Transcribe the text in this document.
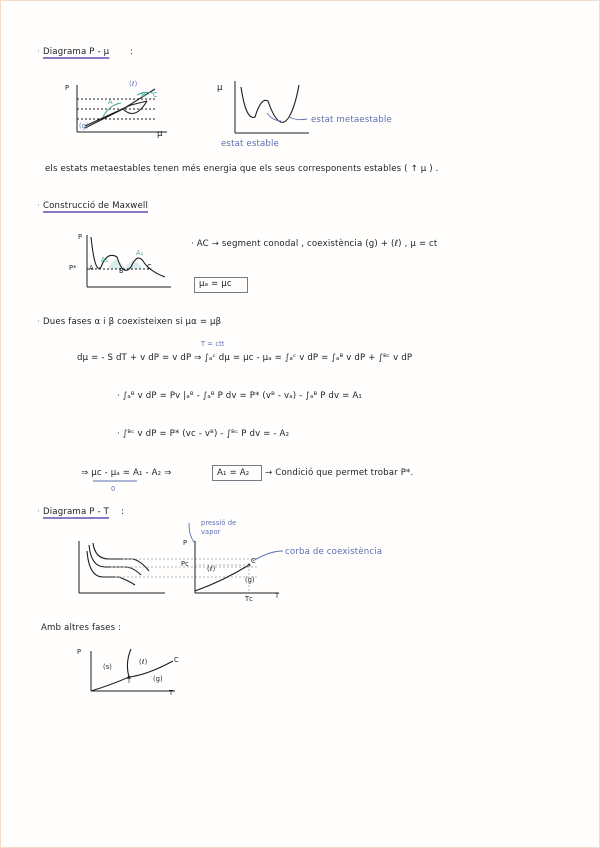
· Diagrama P - μ :
P	(ℓ)
(g)
A
B C
μ
μ
estat metaestable
estat estable
els estats metaestables tenen més energia que els seus corresponents estables ( ↑ μ ) .
· Construcció de Maxwell
P
P* A	B	C
A₁
A₂
· AC → segment conodal , coexistència (g) + (ℓ) , μ = ct
μₐ = μᴄ
· Dues fases α i β coexisteixen si μα = μβ
T = ctt
dμ = - S dT + v dP = v dP ⇒ ∫ₐᶜ dμ = μᴄ - μₐ = ∫ₐᶜ v dP = ∫ₐᴮ v dP + ∫ᴮᶜ v dP
· ∫ₐᴮ v dP = Pv |ₐᴮ - ∫ₐᴮ P dv = P* (vᴮ - vₐ) - ∫ₐᴮ P dv = A₁
· ∫ᴮᶜ v dP = P* (vᴄ - vᴮ) - ∫ᴮᶜ P dv = - A₂
⇒ μᴄ - μₐ = A₁ - A₂ ⇒	A₁ = A₂ → Condició que permet trobar P*.
0
· Diagrama P - T :
pressió de
vapor
corba de coexistència
P
Pᴄ	C
(ℓ)
(g)
Tᴄ	T
Amb altres fases :
P
(s)
(ℓ)
(g)
C
T
T
